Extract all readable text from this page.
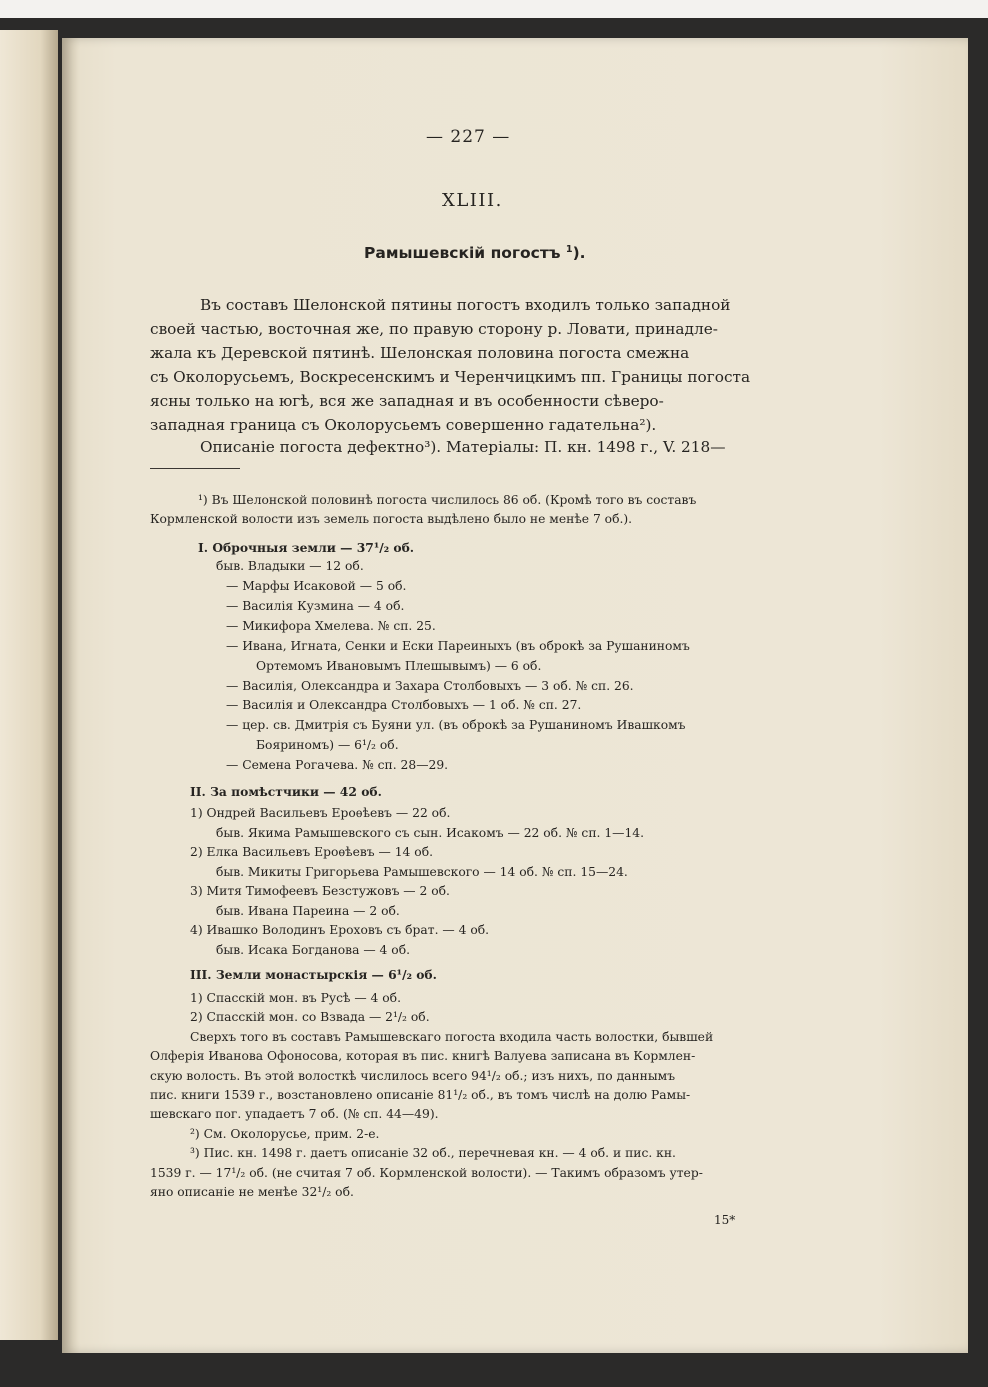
— 227 —
XLIII.
Рамышевскій погостъ $^1$).
Въ составъ Шелонской пятины погостъ входилъ только западной
своей частью, восточная же, по правую сторону р. Ловати, принадле-
жала къ Деревской пятинѣ. Шелонская половина погоста смежна
съ Околорусьемъ, Воскресенскимъ и Черенчицкимъ пп. Границы погоста
ясны только на югѣ, вся же западная и въ особенности сѣверо-
западная граница съ Околорусьемъ совершенно гадательна²).
Описаніе погоста дефектно³). Матеріалы: П. кн. 1498 г., V. 218—
¹) Въ Шелонской половинѣ погоста числилось 86 об. (Кромѣ того въ составъ
Кормленской волости изъ земель погоста выдѣлено было не менѣе 7 об.).
I. Оброчныя земли — 37¹/₂ об.
быв. Владыки — 12 об.
— Марфы Исаковой — 5 об.
— Василія Кузмина — 4 об.
— Микифора Хмелева. № сп. 25.
— Ивана, Игната, Сенки и Ески Пареиныхъ (въ оброкѣ за Рушаниномъ
Ортемомъ Ивановымъ Плешывымъ) — 6 об.
— Василія, Олександра и Захара Столбовыхъ — 3 об. № сп. 26.
— Василія и Олександра Столбовыхъ — 1 об. № сп. 27.
— цер. св. Дмитрія съ Буяни ул. (въ оброкѣ за Рушаниномъ Ивашкомъ
Бояриномъ) — 6¹/₂ об.
— Семена Рогачева. № сп. 28—29.
II. За помѣстчики — 42 об.
1) Ондрей Васильевъ Ероѳѣевъ — 22 об.
быв. Якима Рамышевского съ сын. Исакомъ — 22 об. № сп. 1—14.
2) Елка Васильевъ Ероѳѣевъ — 14 об.
быв. Микиты Григорьева Рамышевского — 14 об. № сп. 15—24.
3) Митя Тимофеевъ Безстужовъ — 2 об.
быв. Ивана Пареина — 2 об.
4) Ивашко Володинъ Ероховъ съ брат. — 4 об.
быв. Исака Богданова — 4 об.
III. Земли монастырскія — 6¹/₂ об.
1) Спасскій мон. въ Русѣ — 4 об.
2) Спасскій мон. со Взвада — 2¹/₂ об.
Сверхъ того въ составъ Рамышевскаго погоста входила часть волостки, бывшей
Олферія Иванова Офоносова, которая въ пис. книгѣ Валуева записана въ Кормлен-
скую волость. Въ этой волосткѣ числилось всего 94¹/₂ об.; изъ нихъ, по даннымъ
пис. книги 1539 г., возстановлено описаніе 81¹/₂ об., въ томъ числѣ на долю Рамы-
шевскаго пог. упадаетъ 7 об. (№ сп. 44—49).
²) См. Околорусье, прим. 2-е.
³) Пис. кн. 1498 г. даетъ описаніе 32 об., перечневая кн. — 4 об. и пис. кн.
1539 г. — 17¹/₂ об. (не считая 7 об. Кормленской волости). — Такимъ образомъ утер-
яно описаніе не менѣе 32¹/₂ об.
15*
